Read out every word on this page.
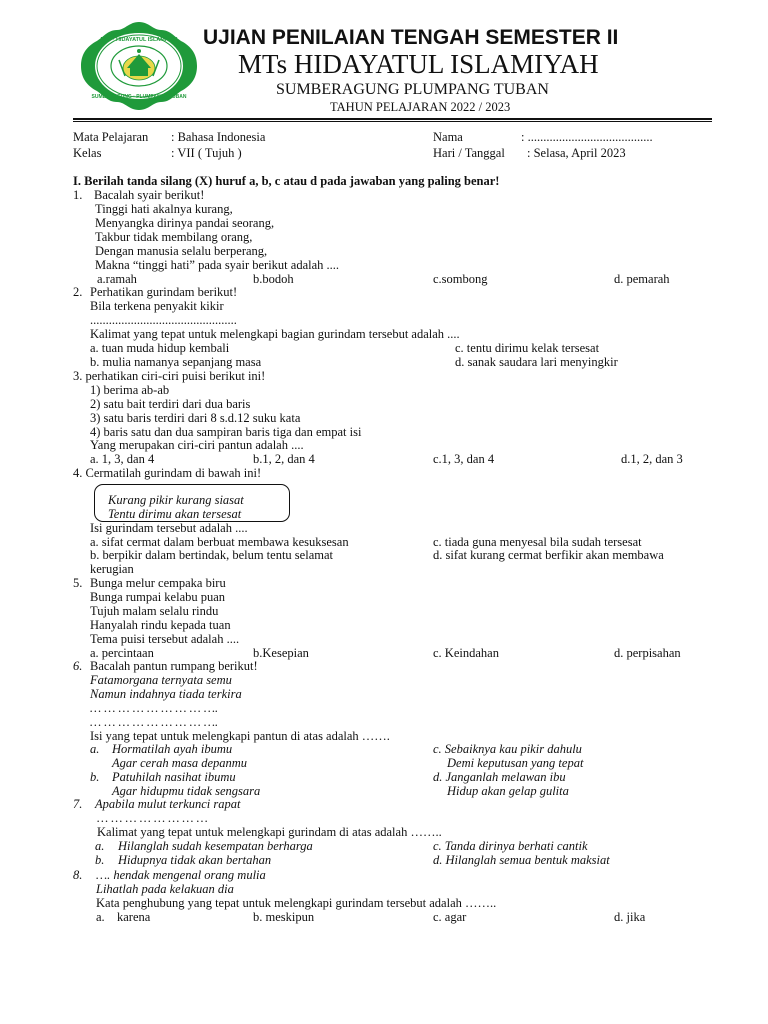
MTs · HIDAYATUL ISLAMIYAH
SUMBERAGUNG · PLUMPANG · TUBAN
UJIAN PENILAIAN TENGAH SEMESTER II
MTs HIDAYATUL ISLAMIYAH
SUMBERAGUNG PLUMPANG TUBAN
TAHUN PELAJARAN 2022 / 2023
Mata Pelajaran : Bahasa Indonesia
Kelas	: VII ( Tujuh )
Nama	: ........................................
Hari / Tanggal : Selasa, April 2023
I. Berilah tanda silang (X) huruf a, b, c atau d pada jawaban yang paling benar!
1. Bacalah syair berikut!
Tinggi hati akalnya kurang,
Menyangka dirinya pandai seorang,
Takbur tidak membilang orang,
Dengan manusia selalu berperang,
Makna “tinggi hati” pada syair berikut adalah ....
a.ramah	b.bodoh	c.sombong	d. pemarah
2. Perhatikan gurindam berikut!
Bila terkena penyakit kikir
...............................................
Kalimat yang tepat untuk melengkapi bagian gurindam tersebut adalah ....
a. tuan muda hidup kembali	c. tentu dirimu kelak tersesat
b. mulia namanya sepanjang masa	d. sanak saudara lari menyingkir
3. perhatikan ciri-ciri puisi berikut ini!
1) berima ab-ab
2) satu bait terdiri dari dua baris
3) satu baris terdiri dari 8 s.d.12 suku kata
4) baris satu dan dua sampiran baris tiga dan empat isi
Yang merupakan ciri-ciri pantun adalah ....
a. 1, 3, dan 4	b.1, 2, dan 4	c.1, 3, dan 4	d.1, 2, dan 3
4. Cermatilah gurindam di bawah ini!
Kurang pikir kurang siasat
Tentu dirimu akan tersesat
Isi gurindam tersebut adalah ....
a. sifat cermat dalam berbuat membawa kesuksesan	c. tiada guna menyesal bila sudah tersesat
b. berpikir dalam bertindak, belum tentu selamat	d. sifat kurang cermat berfikir akan membawa
kerugian
5. Bunga melur cempaka biru
Bunga rumpai kelabu puan
Tujuh malam selalu rindu
Hanyalah rindu kepada tuan
Tema puisi tersebut adalah ....
a. percintaan	b.Kesepian	c. Keindahan	d. perpisahan
6. Bacalah pantun rumpang berikut!
Fatamorgana ternyata semu
Namun indahnya tiada terkira
… … … … … … … … ….
… … … … … … … … ….
Isi yang tepat untuk melengkapi pantun di atas adalah …….
a. Hormatilah ayah ibumu
Agar cerah masa depanmu
b. Patuhilah nasihat ibumu
Agar hidupmu tidak sengsara
c. Sebaiknya kau pikir dahulu
Demi keputusan yang tepat
d. Janganlah melawan ibu
Hidup akan gelap gulita
7. Apabila mulut terkunci rapat
… … … … … … … …
Kalimat yang tepat untuk melengkapi gurindam di atas adalah ……..
a. Hilanglah sudah kesempatan berharga	c. Tanda dirinya berhati cantik
b. Hidupnya tidak akan bertahan	d. Hilanglah semua bentuk maksiat
8. …. hendak mengenal orang mulia
Lihatlah pada kelakuan dia
Kata penghubung yang tepat untuk melengkapi gurindam tersebut adalah ……..
a. karena	b. meskipun	c. agar	d. jika
